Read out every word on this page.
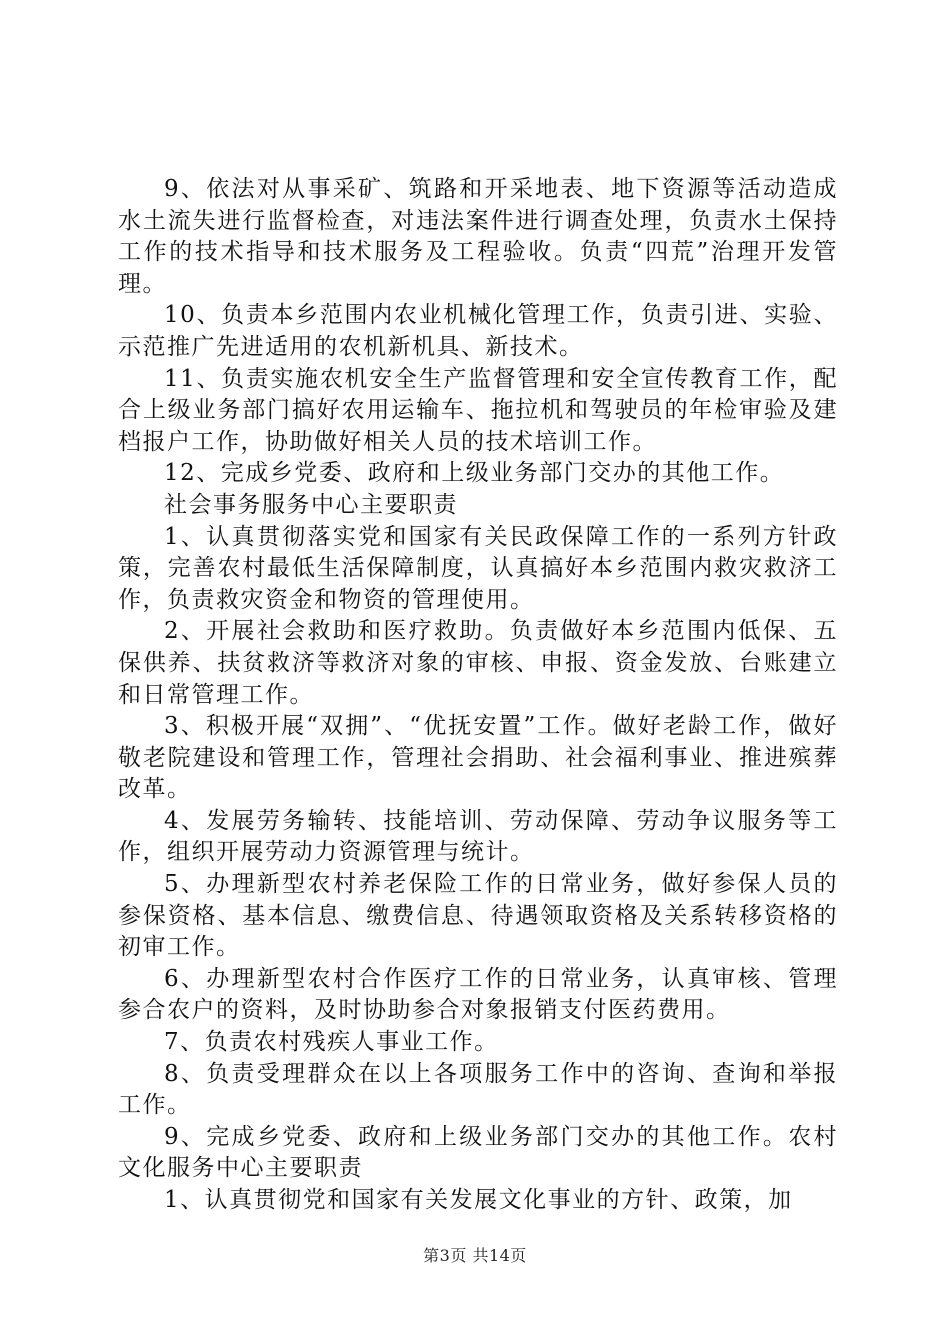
9、依法对从事采矿、筑路和开采地表、地下资源等活动造成水土流失进行监督检查，对违法案件进行调查处理，负责水土保持工作的技术指导和技术服务及工程验收。负责“四荒”治理开发管理。

10、负责本乡范围内农业机械化管理工作，负责引进、实验、示范推广先进适用的农机新机具、新技术。

11、负责实施农机安全生产监督管理和安全宣传教育工作，配合上级业务部门搞好农用运输车、拖拉机和驾驶员的年检审验及建档报户工作，协助做好相关人员的技术培训工作。

12、完成乡党委、政府和上级业务部门交办的其他工作。

社会事务服务中心主要职责

1、认真贯彻落实党和国家有关民政保障工作的一系列方针政策，完善农村最低生活保障制度，认真搞好本乡范围内救灾救济工作，负责救灾资金和物资的管理使用。

2、开展社会救助和医疗救助。负责做好本乡范围内低保、五保供养、扶贫救济等救济对象的审核、申报、资金发放、台账建立和日常管理工作。

3、积极开展“双拥”、“优抚安置”工作。做好老龄工作，做好敬老院建设和管理工作，管理社会捐助、社会福利事业、推进殡葬改革。

4、发展劳务输转、技能培训、劳动保障、劳动争议服务等工作，组织开展劳动力资源管理与统计。

5、办理新型农村养老保险工作的日常业务，做好参保人员的参保资格、基本信息、缴费信息、待遇领取资格及关系转移资格的初审工作。

6、办理新型农村合作医疗工作的日常业务，认真审核、管理参合农户的资料，及时协助参合对象报销支付医药费用。

7、负责农村残疾人事业工作。

8、负责受理群众在以上各项服务工作中的咨询、查询和举报工作。

9、完成乡党委、政府和上级业务部门交办的其他工作。农村文化服务中心主要职责

1、认真贯彻党和国家有关发展文化事业的方针、政策，加

第3页 共14页
